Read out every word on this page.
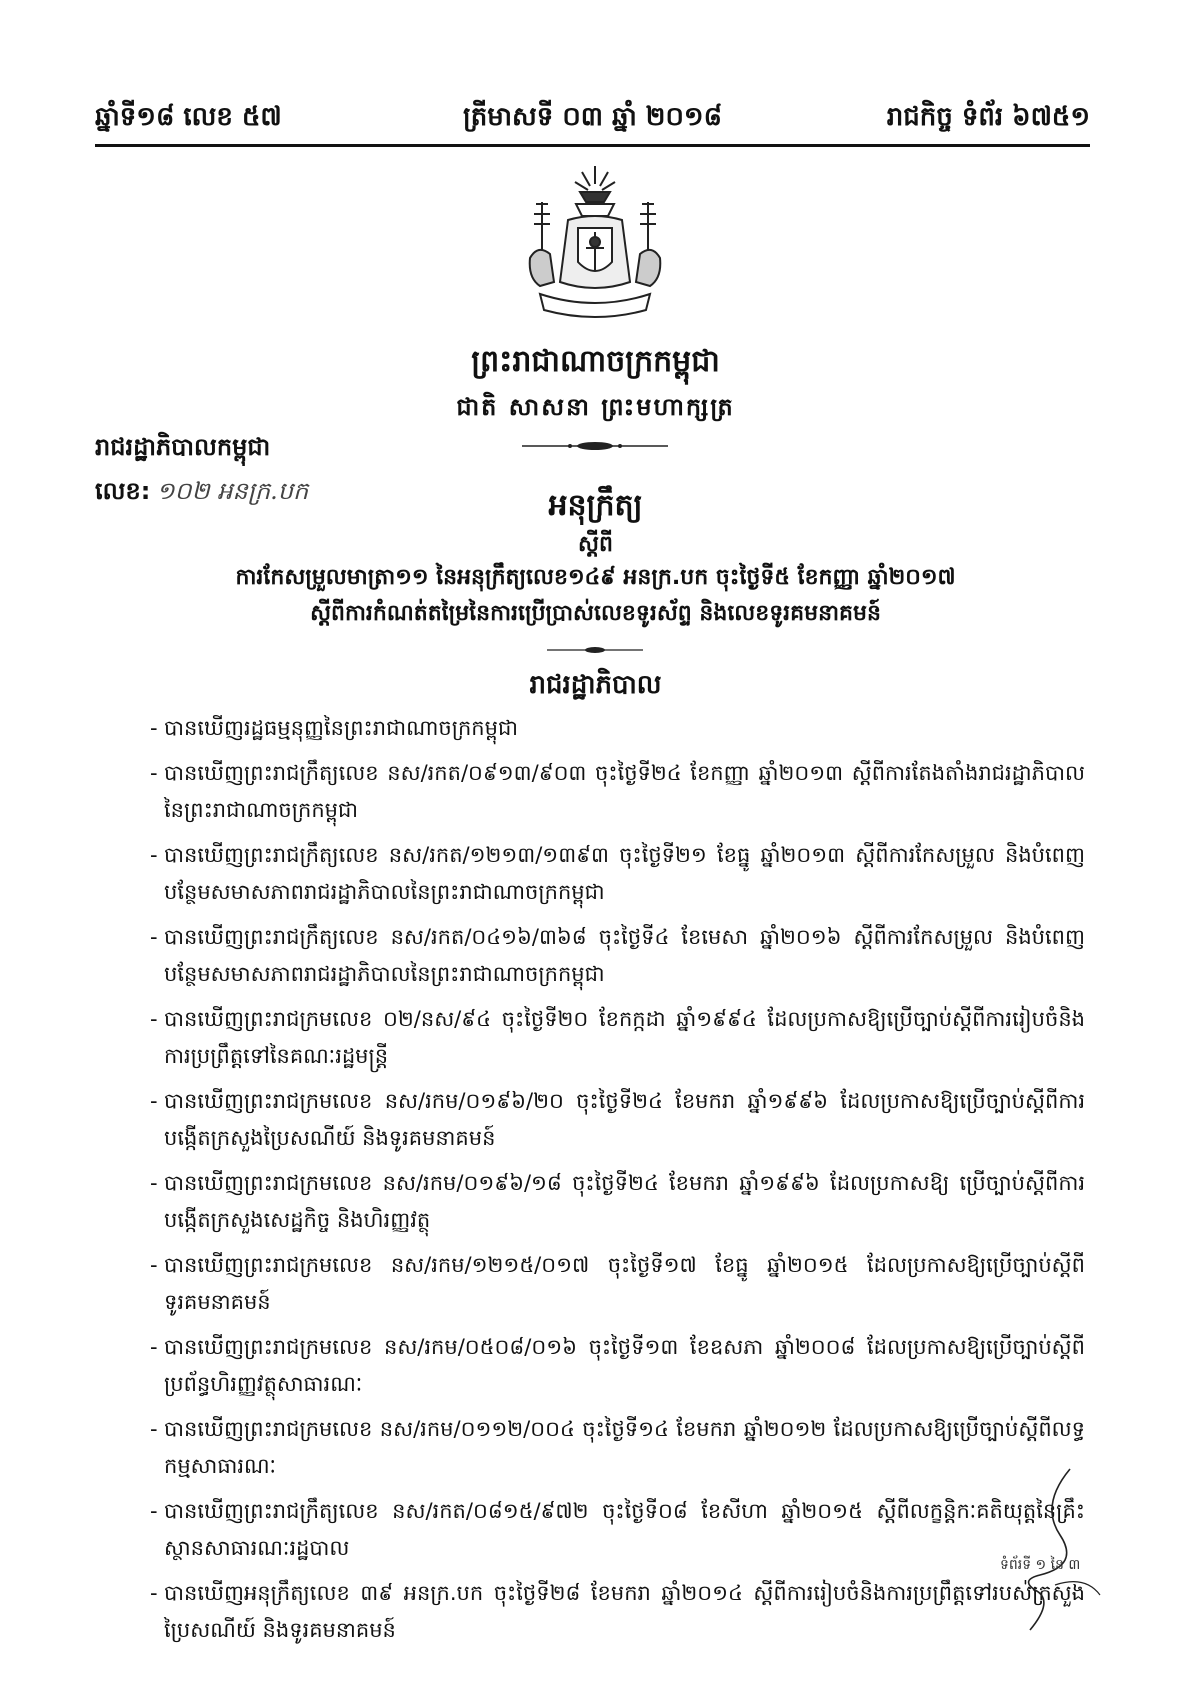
ឆ្នាំទី១៨ លេខ ៥៧	ត្រីមាសទី ០៣ ឆ្នាំ ២០១៨	រាជកិច្ច ទំព័រ ៦៧៥១
ព្រះរាជាណាចក្រកម្ពុជា
ជាតិ សាសនា ព្រះមហាក្សត្រ
រាជរដ្ឋាភិបាលកម្ពុជា
លេខ: ១០២ អនក្រ.បក	អនុក្រឹត្យ
ស្ដីពី
ការកែសម្រួលមាត្រា១១ នៃអនុក្រឹត្យលេខ១៤៩ អនក្រ.បក ចុះថ្ងៃទី៥ ខែកញ្ញា ឆ្នាំ២០១៧
ស្ដីពីការកំណត់តម្រៃនៃការប្រើប្រាស់លេខទូរស័ព្ទ និងលេខទូរគមនាគមន៍
រាជរដ្ឋាភិបាល
- បានឃើញរដ្ឋធម្មនុញ្ញនៃព្រះរាជាណាចក្រកម្ពុជា
- បានឃើញព្រះរាជក្រឹត្យលេខ នស/រកត/០៩១៣/៩០៣ ចុះថ្ងៃទី២៤ ខែកញ្ញា ឆ្នាំ២០១៣ ស្ដីពីការតែងតាំងរាជរដ្ឋាភិបាលនៃព្រះរាជាណាចក្រកម្ពុជា
- បានឃើញព្រះរាជក្រឹត្យលេខ នស/រកត/១២១៣/១៣៩៣ ចុះថ្ងៃទី២១ ខែធ្នូ ឆ្នាំ២០១៣ ស្ដីពីការកែសម្រួល និងបំពេញបន្ថែមសមាសភាពរាជរដ្ឋាភិបាលនៃព្រះរាជាណាចក្រកម្ពុជា
- បានឃើញព្រះរាជក្រឹត្យលេខ នស/រកត/០៤១៦/៣៦៨ ចុះថ្ងៃទី៤ ខែមេសា ឆ្នាំ២០១៦ ស្ដីពីការកែសម្រួល និងបំពេញបន្ថែមសមាសភាពរាជរដ្ឋាភិបាលនៃព្រះរាជាណាចក្រកម្ពុជា
- បានឃើញព្រះរាជក្រមលេខ ០២/នស/៩៤ ចុះថ្ងៃទី២០ ខែកក្កដា ឆ្នាំ១៩៩៤ ដែលប្រកាសឱ្យប្រើច្បាប់ស្ដីពីការរៀបចំនិងការប្រព្រឹត្តទៅនៃគណៈរដ្ឋមន្ត្រី
- បានឃើញព្រះរាជក្រមលេខ នស/រកម/០១៩៦/២០ ចុះថ្ងៃទី២៤ ខែមករា ឆ្នាំ១៩៩៦ ដែលប្រកាសឱ្យប្រើច្បាប់ស្ដីពីការបង្កើតក្រសួងប្រៃសណីយ៍ និងទូរគមនាគមន៍
- បានឃើញព្រះរាជក្រមលេខ នស/រកម/០១៩៦/១៨ ចុះថ្ងៃទី២៤ ខែមករា ឆ្នាំ១៩៩៦ ដែលប្រកាសឱ្យ ប្រើច្បាប់ស្ដីពីការបង្កើតក្រសួងសេដ្ឋកិច្ច និងហិរញ្ញវត្ថុ
- បានឃើញព្រះរាជក្រមលេខ នស/រកម/១២១៥/០១៧ ចុះថ្ងៃទី១៧ ខែធ្នូ ឆ្នាំ២០១៥ ដែលប្រកាសឱ្យប្រើច្បាប់ស្ដីពីទូរគមនាគមន៍
- បានឃើញព្រះរាជក្រមលេខ នស/រកម/០៥០៨/០១៦ ចុះថ្ងៃទី១៣ ខែឧសភា ឆ្នាំ២០០៨ ដែលប្រកាសឱ្យប្រើច្បាប់ស្ដីពីប្រព័ន្ធហិរញ្ញវត្ថុសាធារណៈ
- បានឃើញព្រះរាជក្រមលេខ នស/រកម/០១១២/០០៤ ចុះថ្ងៃទី១៤ ខែមករា ឆ្នាំ២០១២ ដែលប្រកាសឱ្យប្រើច្បាប់ស្ដីពីលទ្ធកម្មសាធារណៈ
- បានឃើញព្រះរាជក្រឹត្យលេខ នស/រកត/០៨១៥/៩៧២ ចុះថ្ងៃទី០៨ ខែសីហា ឆ្នាំ២០១៥ ស្ដីពីលក្ខន្តិកៈគតិយុត្តនៃគ្រឹះស្ថានសាធារណៈរដ្ឋបាល
- បានឃើញអនុក្រឹត្យលេខ ៣៩ អនក្រ.បក ចុះថ្ងៃទី២៨ ខែមករា ឆ្នាំ២០១៤ ស្ដីពីការរៀបចំនិងការប្រព្រឹត្តទៅរបស់ក្រសួងប្រៃសណីយ៍ និងទូរគមនាគមន៍
ទំព័រទី ១ នៃ ៣
